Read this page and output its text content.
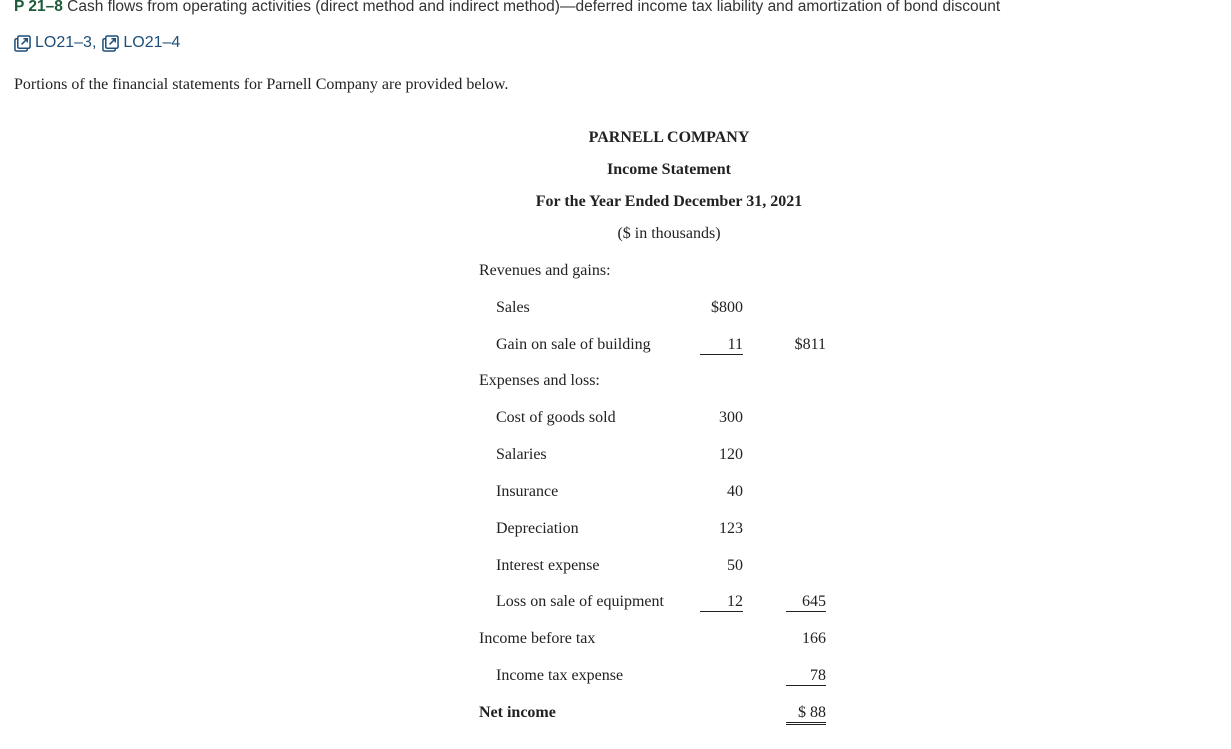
P 21–8 Cash flows from operating activities (direct method and indirect method)—deferred income tax liability and amortization of bond discount
LO21–3, LO21–4
Portions of the financial statements for Parnell Company are provided below.
PARNELL COMPANY
Income Statement
For the Year Ended December 31, 2021
($ in thousands)
Revenues and gains:
Sales	$800
Gain on sale of building	11	$811
Expenses and loss:
Cost of goods sold	300
Salaries	120
Insurance	40
Depreciation	123
Interest expense	50
Loss on sale of equipment	12	645
Income before tax	166
Income tax expense	78
Net income	$ 88
